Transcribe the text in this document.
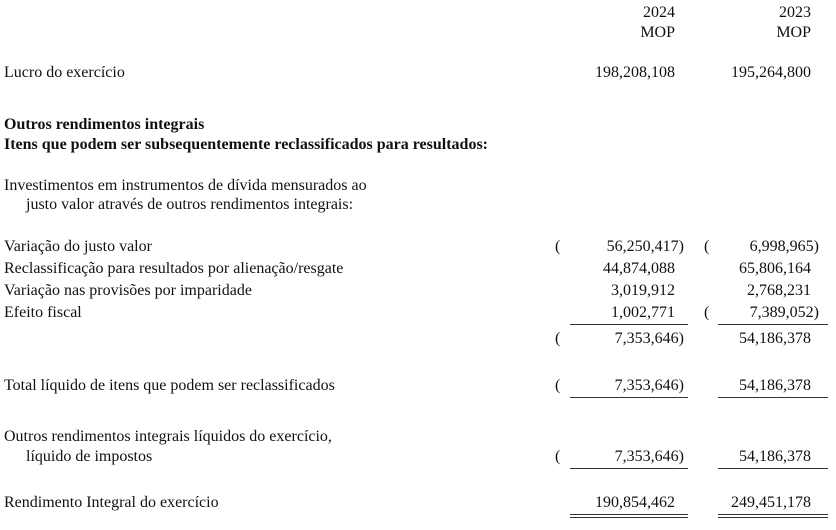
2024
MOP
2023
MOP
Lucro do exercício	198,208,108	195,264,800
Outros rendimentos integrais
Itens que podem ser subsequentemente reclassificados para resultados:
Investimentos em instrumentos de dívida mensurados ao
justo valor através de outros rendimentos integrais:
Variação do justo valor	(	56,250,417) (	6,998,965)
Reclassificação para resultados por alienação/resgate	44,874,088	65,806,164
Variação nas provisões por imparidade	3,019,912	2,768,231
Efeito fiscal	1,002,771 (	7,389,052)
(	7,353,646)	54,186,378
Total líquido de itens que podem ser reclassificados	(	7,353,646)	54,186,378
Outros rendimentos integrais líquidos do exercício,
líquido de impostos	(	7,353,646)	54,186,378
Rendimento Integral do exercício	190,854,462	249,451,178
